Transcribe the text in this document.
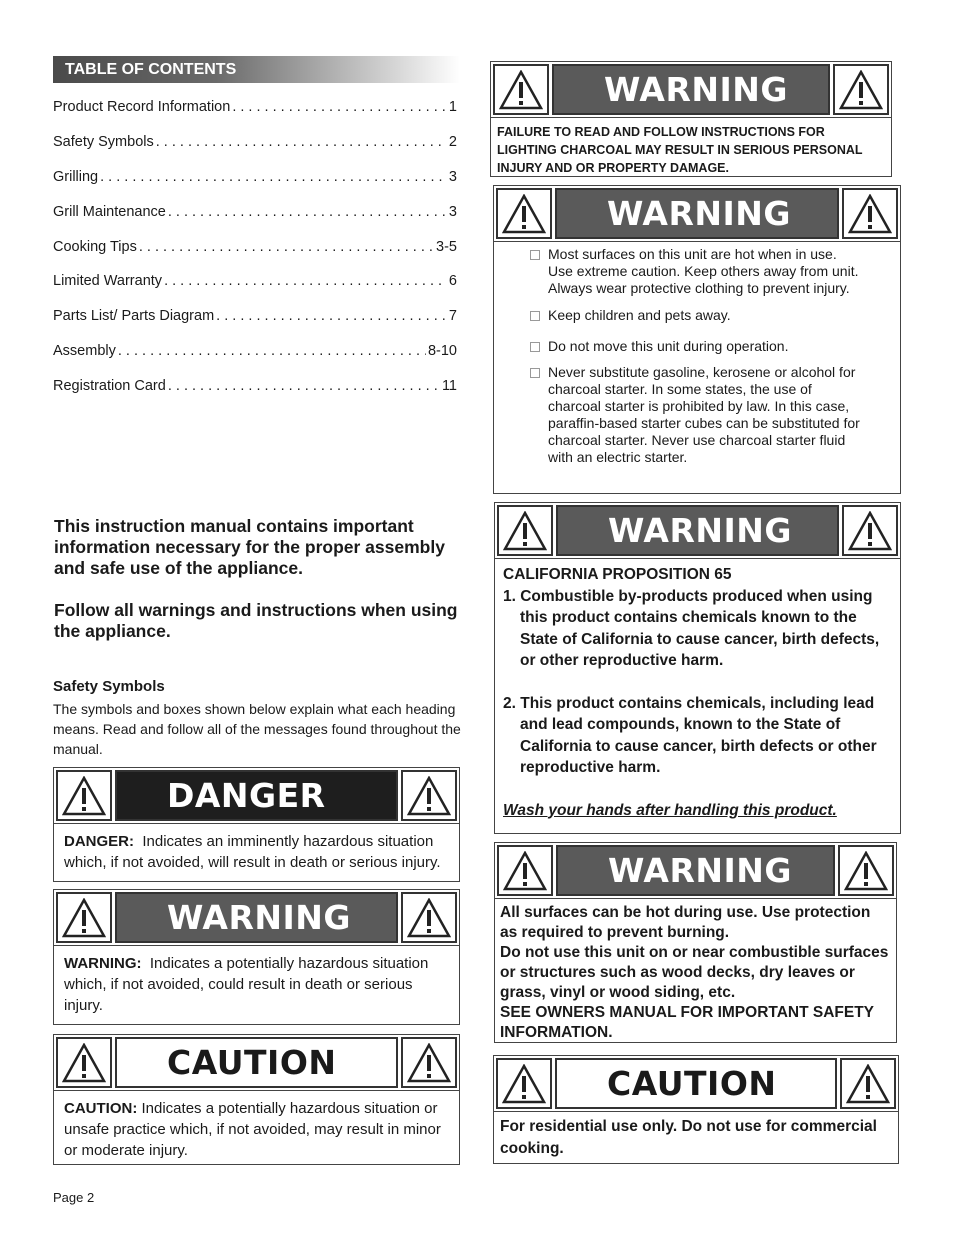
TABLE OF CONTENTS
Product Record Information . . .	1
Safety Symbols . . .	2
Grilling . . .	3
Grill Maintenance . . .	3
Cooking Tips . . .	3-5
Limited Warranty . . .	6
Parts List/ Parts Diagram . . .	7
Assembly . . .	8-10
Registration Card . . .	11
This instruction manual contains important information necessary for the proper assembly and safe use of the appliance.
Follow all warnings and instructions when using the appliance.
Safety Symbols
The symbols and boxes shown below explain what each heading means. Read and follow all of the messages found throughout the manual.
DANGER
DANGER: Indicates an imminently hazardous situation which, if not avoided, will result in death or serious injury.
WARNING
WARNING: Indicates a potentially hazardous situation which, if not avoided, could result in death or serious injury.
CAUTION
CAUTION: Indicates a potentially hazardous situation or unsafe practice which, if not avoided, may result in minor or moderate injury.
WARNING
FAILURE TO READ AND FOLLOW INSTRUCTIONS FOR LIGHTING CHARCOAL MAY RESULT IN SERIOUS PERSONAL INJURY AND OR PROPERTY DAMAGE.
WARNING
Most surfaces on this unit are hot when in use. Use extreme caution. Keep others away from unit. Always wear protective clothing to prevent injury.
Keep children and pets away.
Do not move this unit during operation.
Never substitute gasoline, kerosene or alcohol for charcoal starter. In some states, the use of charcoal starter is prohibited by law. In this case, paraffin-based starter cubes can be substituted for charcoal starter. Never use charcoal starter fluid with an electric starter.
WARNING
CALIFORNIA PROPOSITION 65
1. Combustible by-products produced when using this product contains chemicals known to the State of California to cause cancer, birth defects, or other reproductive harm.
2. This product contains chemicals, including lead and lead compounds, known to the State of California to cause cancer, birth defects or other reproductive harm.
Wash your hands after handling this product.
WARNING
All surfaces can be hot during use. Use protection as required to prevent burning.
Do not use this unit on or near combustible surfaces or structures such as wood decks, dry leaves or grass, vinyl or wood siding, etc.
SEE OWNERS MANUAL FOR IMPORTANT SAFETY INFORMATION.
CAUTION
For residential use only. Do not use for commercial cooking.
Page 2
